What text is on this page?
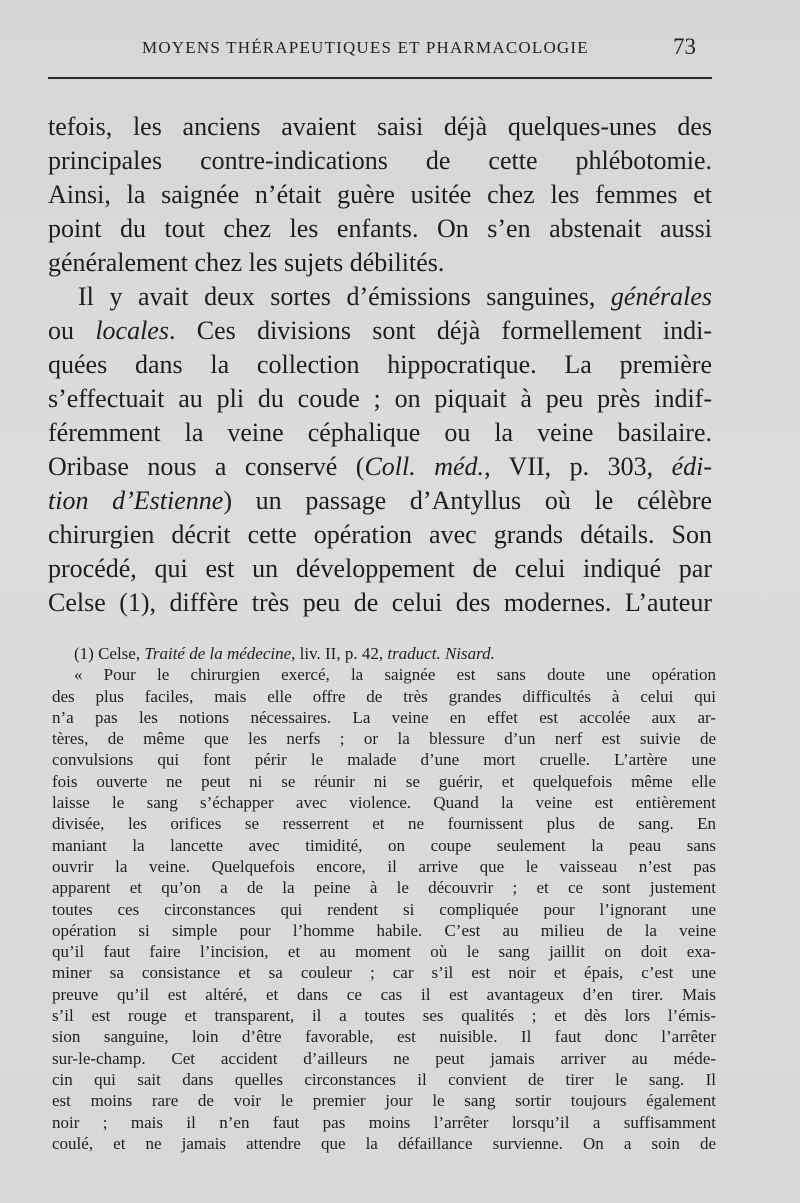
MOYENS THÉRAPEUTIQUES ET PHARMACOLOGIE	73
tefois, les anciens avaient saisi déjà quelques-unes des
principales contre-indications de cette phlébotomie.
Ainsi, la saignée n’était guère usitée chez les femmes et
point du tout chez les enfants. On s’en abstenait aussi
généralement chez les sujets débilités.
Il y avait deux sortes d’émissions sanguines, générales
ou locales. Ces divisions sont déjà formellement indi-
quées dans la collection hippocratique. La première
s’effectuait au pli du coude ; on piquait à peu près indif-
féremment la veine céphalique ou la veine basilaire.
Oribase nous a conservé (Coll. méd., VII, p. 303, édi-
tion d’Estienne) un passage d’Antyllus où le célèbre
chirurgien décrit cette opération avec grands détails. Son
procédé, qui est un développement de celui indiqué par
Celse (1), diffère très peu de celui des modernes. L’auteur
(1) Celse, Traité de la médecine, liv. II, p. 42, traduct. Nisard.
« Pour le chirurgien exercé, la saignée est sans doute une opération
des plus faciles, mais elle offre de très grandes difficultés à celui qui
n’a pas les notions nécessaires. La veine en effet est accolée aux ar-
tères, de même que les nerfs ; or la blessure d’un nerf est suivie de
convulsions qui font périr le malade d’une mort cruelle. L’artère une
fois ouverte ne peut ni se réunir ni se guérir, et quelquefois même elle
laisse le sang s’échapper avec violence. Quand la veine est entièrement
divisée, les orifices se resserrent et ne fournissent plus de sang. En
maniant la lancette avec timidité, on coupe seulement la peau sans
ouvrir la veine. Quelquefois encore, il arrive que le vaisseau n’est pas
apparent et qu’on a de la peine à le découvrir ; et ce sont justement
toutes ces circonstances qui rendent si compliquée pour l’ignorant une
opération si simple pour l’homme habile. C’est au milieu de la veine
qu’il faut faire l’incision, et au moment où le sang jaillit on doit exa-
miner sa consistance et sa couleur ; car s’il est noir et épais, c’est une
preuve qu’il est altéré, et dans ce cas il est avantageux d’en tirer. Mais
s’il est rouge et transparent, il a toutes ses qualités ; et dès lors l’émis-
sion sanguine, loin d’être favorable, est nuisible. Il faut donc l’arrêter
sur-le-champ. Cet accident d’ailleurs ne peut jamais arriver au méde-
cin qui sait dans quelles circonstances il convient de tirer le sang. Il
est moins rare de voir le premier jour le sang sortir toujours également
noir ; mais il n’en faut pas moins l’arrêter lorsqu’il a suffisamment
coulé, et ne jamais attendre que la défaillance survienne. On a soin de
